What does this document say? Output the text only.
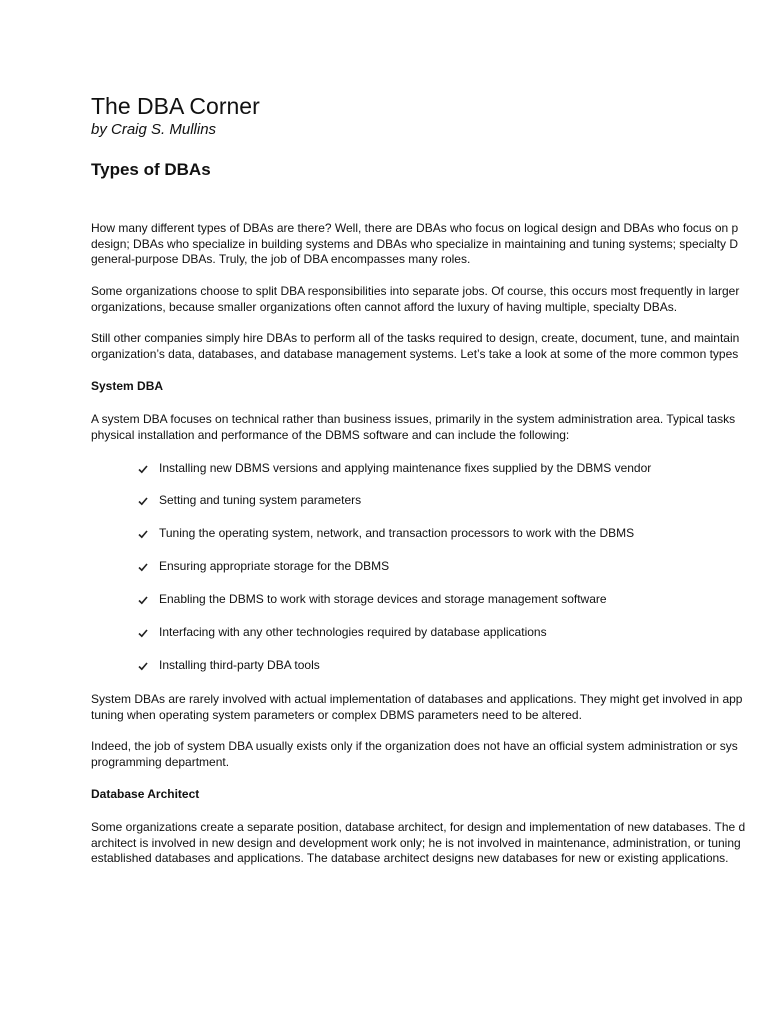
The DBA Corner
by Craig S. Mullins
Types of DBAs

How many different types of DBAs are there? Well, there are DBAs who focus on logical design and DBAs who focus on p
design; DBAs who specialize in building systems and DBAs who specialize in maintaining and tuning systems; specialty D
general-purpose DBAs. Truly, the job of DBA encompasses many roles.

Some organizations choose to split DBA responsibilities into separate jobs. Of course, this occurs most frequently in larger
organizations, because smaller organizations often cannot afford the luxury of having multiple, specialty DBAs.

Still other companies simply hire DBAs to perform all of the tasks required to design, create, document, tune, and maintain
organization’s data, databases, and database management systems. Let’s take a look at some of the more common types

System DBA

A system DBA focuses on technical rather than business issues, primarily in the system administration area. Typical tasks
physical installation and performance of the DBMS software and can include the following:

Installing new DBMS versions and applying maintenance fixes supplied by the DBMS vendor
Setting and tuning system parameters
Tuning the operating system, network, and transaction processors to work with the DBMS
Ensuring appropriate storage for the DBMS
Enabling the DBMS to work with storage devices and storage management software
Interfacing with any other technologies required by database applications
Installing third-party DBA tools

System DBAs are rarely involved with actual implementation of databases and applications. They might get involved in app
tuning when operating system parameters or complex DBMS parameters need to be altered.

Indeed, the job of system DBA usually exists only if the organization does not have an official system administration or sys
programming department.

Database Architect

Some organizations create a separate position, database architect, for design and implementation of new databases. The d
architect is involved in new design and development work only; he is not involved in maintenance, administration, or tuning
established databases and applications. The database architect designs new databases for new or existing applications.
